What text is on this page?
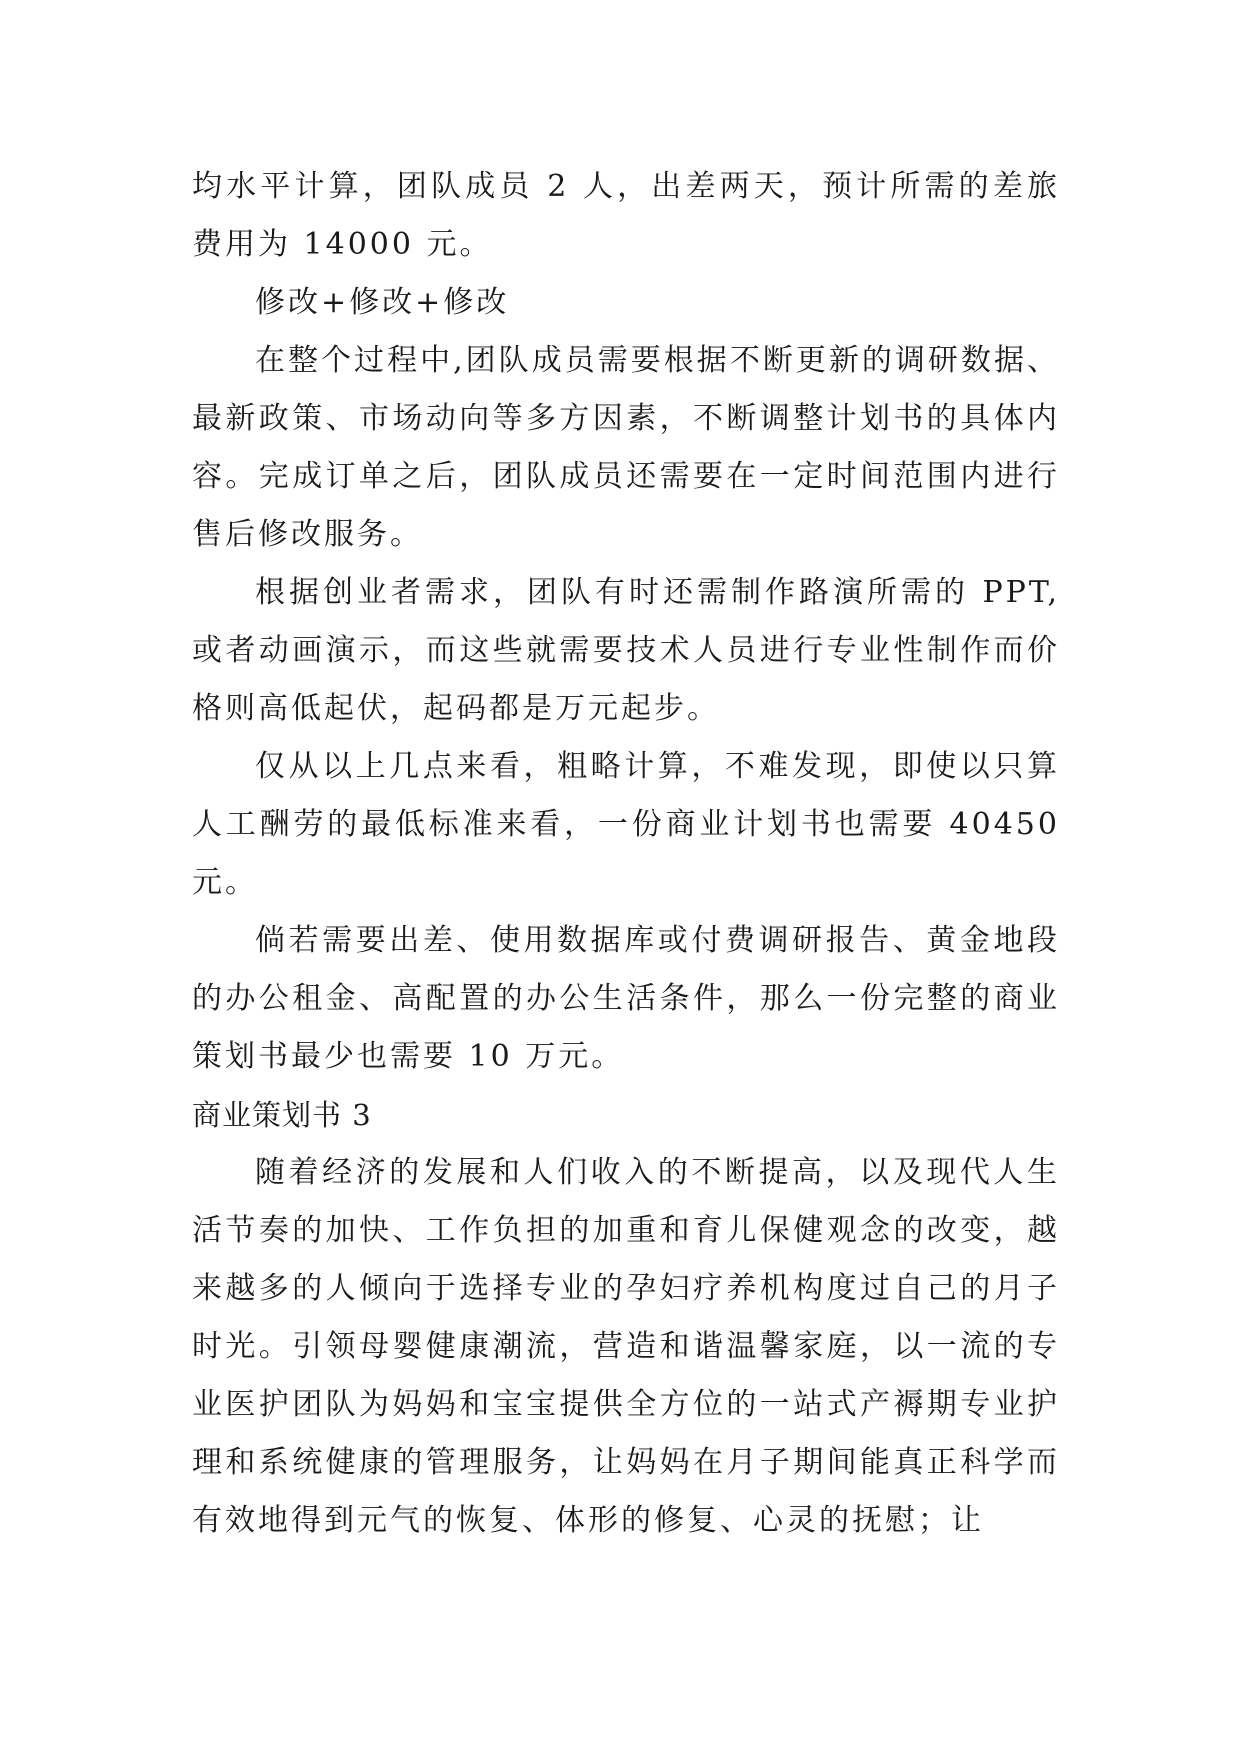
均水平计算，团队成员 2 人，出差两天，预计所需的差旅费用为 14000 元。

修改+修改+修改

在整个过程中,团队成员需要根据不断更新的调研数据、最新政策、市场动向等多方因素，不断调整计划书的具体内容。完成订单之后，团队成员还需要在一定时间范围内进行售后修改服务。

根据创业者需求，团队有时还需制作路演所需的 PPT,或者动画演示，而这些就需要技术人员进行专业性制作而价格则高低起伏，起码都是万元起步。

仅从以上几点来看，粗略计算，不难发现，即使以只算人工酬劳的最低标准来看，一份商业计划书也需要 40450元。

倘若需要出差、使用数据库或付费调研报告、黄金地段的办公租金、高配置的办公生活条件，那么一份完整的商业策划书最少也需要 10 万元。

商业策划书 3

随着经济的发展和人们收入的不断提高，以及现代人生活节奏的加快、工作负担的加重和育儿保健观念的改变，越来越多的人倾向于选择专业的孕妇疗养机构度过自己的月子时光。引领母婴健康潮流，营造和谐温馨家庭，以一流的专业医护团队为妈妈和宝宝提供全方位的一站式产褥期专业护理和系统健康的管理服务，让妈妈在月子期间能真正科学而有效地得到元气的恢复、体形的修复、心灵的抚慰；让
